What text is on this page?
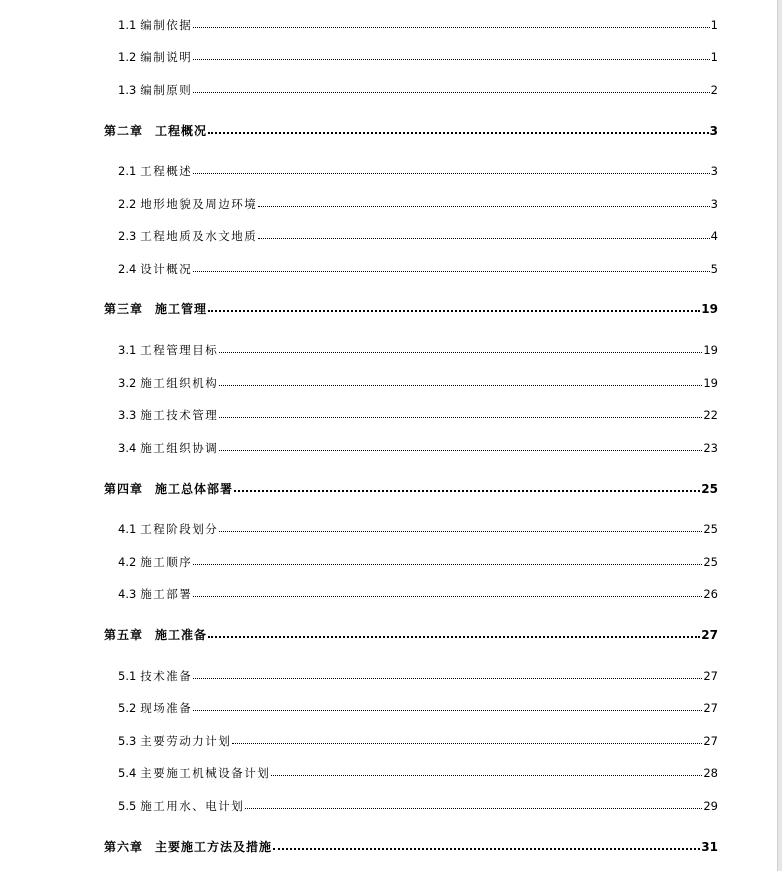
1.1 编制依据	1
1.2 编制说明	1
1.3 编制原则	2
第二章 工程概况	3
2.1 工程概述	3
2.2 地形地貌及周边环境	3
2.3 工程地质及水文地质	4
2.4 设计概况	5
第三章 施工管理	19
3.1 工程管理目标	19
3.2 施工组织机构	19
3.3 施工技术管理	22
3.4 施工组织协调	23
第四章 施工总体部署	25
4.1 工程阶段划分	25
4.2 施工顺序	25
4.3 施工部署	26
第五章 施工准备	27
5.1 技术准备	27
5.2 现场准备	27
5.3 主要劳动力计划	27
5.4 主要施工机械设备计划	28
5.5 施工用水、电计划	29
第六章 主要施工方法及措施	31
